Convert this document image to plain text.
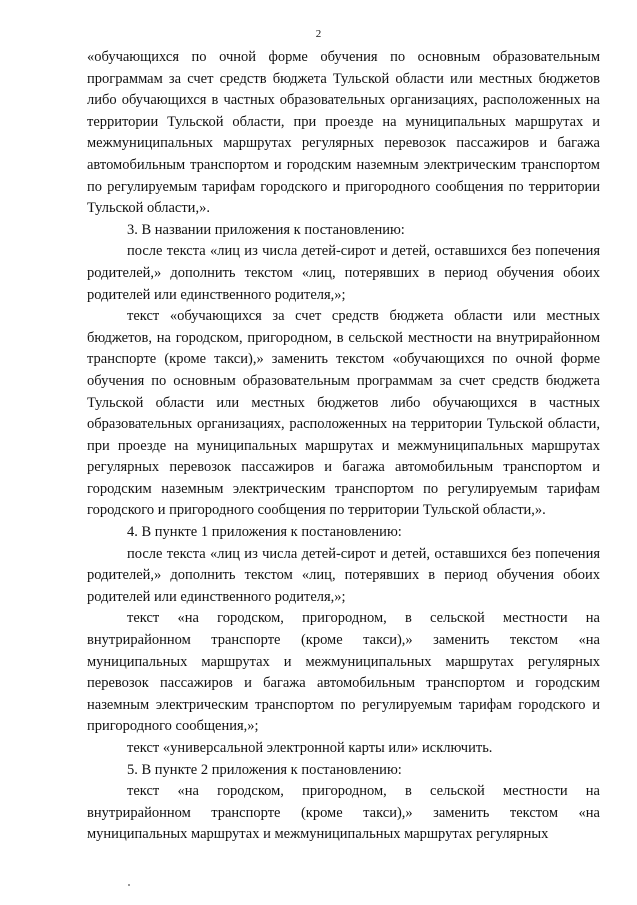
2

«обучающихся по очной форме обучения по основным образовательным программам за счет средств бюджета Тульской области или местных бюджетов либо обучающихся в частных образовательных организациях, расположенных на территории Тульской области, при проезде на муниципальных маршрутах и межмуниципальных маршрутах регулярных перевозок пассажиров и багажа автомобильным транспортом и городским наземным электрическим транспортом по регулируемым тарифам городского и пригородного сообщения по территории Тульской области,».

3. В названии приложения к постановлению:

после текста «лиц из числа детей-сирот и детей, оставшихся без попечения родителей,» дополнить текстом «лиц, потерявших в период обучения обоих родителей или единственного родителя,»;

текст «обучающихся за счет средств бюджета области или местных бюджетов, на городском, пригородном, в сельской местности на внутрирайонном транспорте (кроме такси),» заменить текстом «обучающихся по очной форме обучения по основным образовательным программам за счет средств бюджета Тульской области или местных бюджетов либо обучающихся в частных образовательных организациях, расположенных на территории Тульской области, при проезде на муниципальных маршрутах и межмуниципальных маршрутах регулярных перевозок пассажиров и багажа автомобильным транспортом и городским наземным электрическим транспортом по регулируемым тарифам городского и пригородного сообщения по территории Тульской области,».

4. В пункте 1 приложения к постановлению:

после текста «лиц из числа детей-сирот и детей, оставшихся без попечения родителей,» дополнить текстом «лиц, потерявших в период обучения обоих родителей или единственного родителя,»;

текст «на городском, пригородном, в сельской местности на внутрирайонном транспорте (кроме такси),» заменить текстом «на муниципальных маршрутах и межмуниципальных маршрутах регулярных перевозок пассажиров и багажа автомобильным транспортом и городским наземным электрическим транспортом по регулируемым тарифам городского и пригородного сообщения,»;

текст «универсальной электронной карты или» исключить.

5. В пункте 2 приложения к постановлению:

текст «на городском, пригородном, в сельской местности на внутрирайонном транспорте (кроме такси),» заменить текстом «на муниципальных маршрутах и межмуниципальных маршрутах регулярных
